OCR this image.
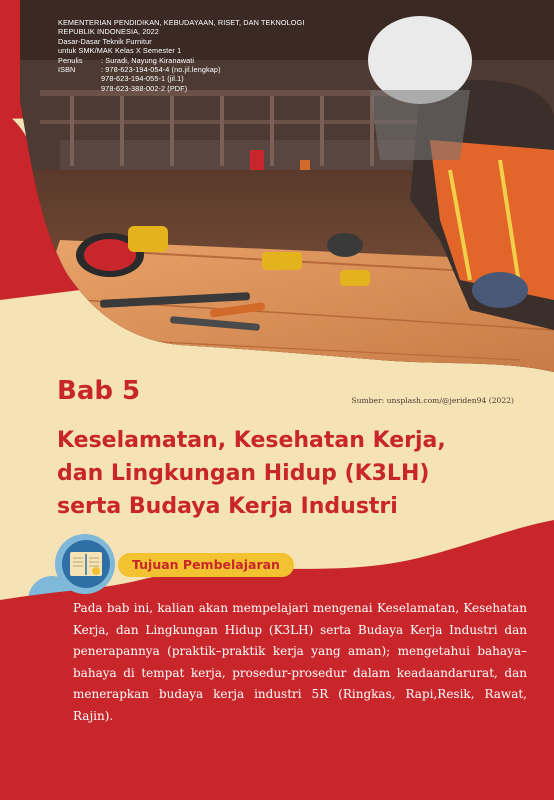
KEMENTERIAN PENDIDIKAN, KEBUDAYAAN, RISET, DAN TEKNOLOGI
REPUBLIK INDONESIA, 2022
Dasar-Dasar Teknik Furnitur
untuk SMK/MAK Kelas X Semester 1
Penulis	: Suradi, Nayung Kiranawati
ISBN	: 978-623-194-054-4 (no.jil.lengkap)
978-623-194-055-1 (jil.1)
978-623-388-002-2 (PDF)
Bab 5	Sumber: unsplash.com/@jeriden94 (2022)
Keselamatan, Kesehatan Kerja,
dan Lingkungan Hidup (K3LH)
serta Budaya Kerja Industri
Tujuan Pembelajaran

Pada bab ini, kalian akan mempelajari mengenai Keselamatan, Kesehatan Kerja, dan Lingkungan Hidup (K3LH) serta Budaya Kerja Industri dan penerapannya (praktik–praktik kerja yang aman); mengetahui bahaya–bahaya di tempat kerja, prosedur-prosedur dalam keadaandarurat, dan menerapkan budaya kerja industri 5R (Ringkas, Rapi,Resik, Rawat, Rajin).
